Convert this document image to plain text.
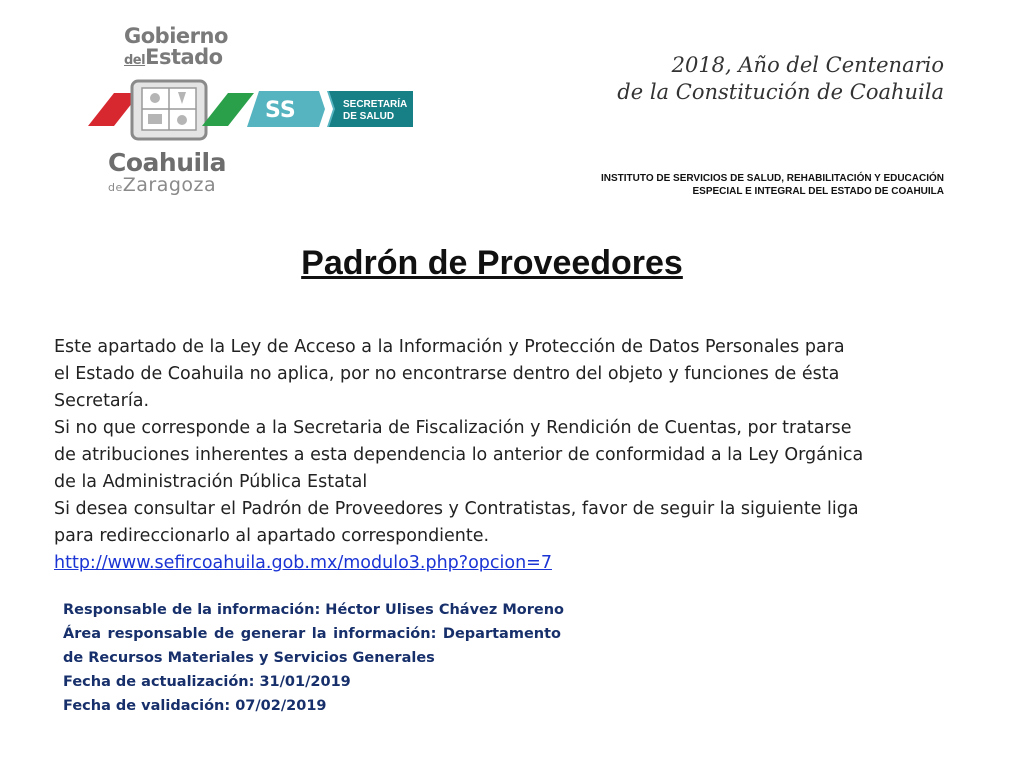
Gobierno
delEstado
SS	SECRETARÍA
DE SALUD
Coahuila
deZaragoza
2018, Año del Centenario
de la Constitución de Coahuila
INSTITUTO DE SERVICIOS DE SALUD, REHABILITACIÓN Y EDUCACIÓN
ESPECIAL E INTEGRAL DEL ESTADO DE COAHUILA
Padrón de Proveedores

Este apartado de la Ley de Acceso a la Información y Protección de Datos Personales para el Estado de Coahuila no aplica, por no encontrarse dentro del objeto y funciones de ésta Secretaría.

Si no que corresponde a la Secretaria de Fiscalización y Rendición de Cuentas, por tratarse de atribuciones inherentes a esta dependencia lo anterior de conformidad a la Ley Orgánica de la Administración Pública Estatal

Si desea consultar el Padrón de Proveedores y Contratistas, favor de seguir la siguiente liga para redireccionarlo al apartado correspondiente.

http://www.sefircoahuila.gob.mx/modulo3.php?opcion=7

Responsable de la información: Héctor Ulises Chávez Moreno
Área responsable de generar la información: Departamento
de Recursos Materiales y Servicios Generales
Fecha de actualización: 31/01/2019
Fecha de validación: 07/02/2019
